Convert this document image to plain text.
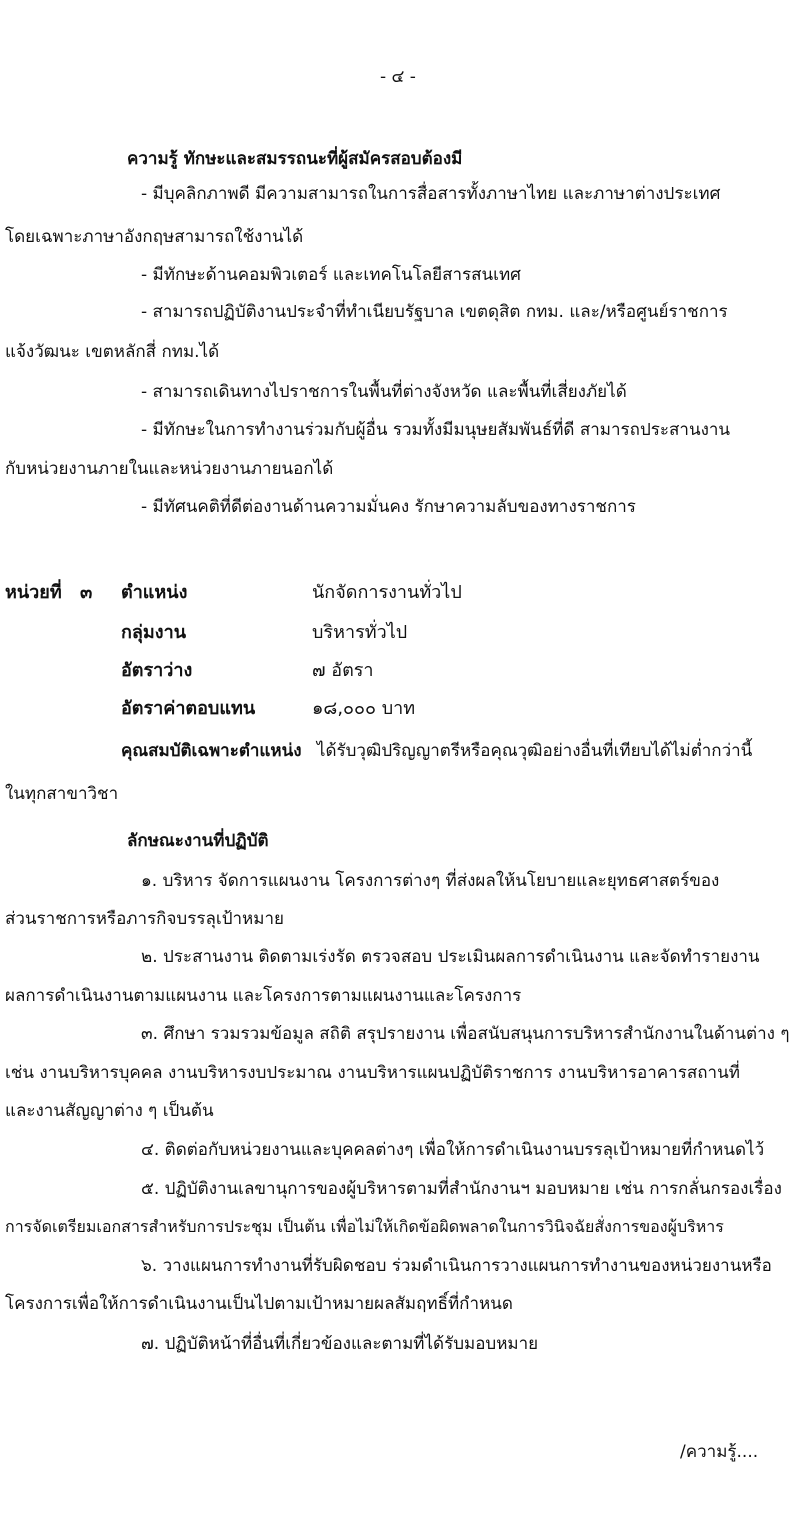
- ๔ -
ความรู้ ทักษะและสมรรถนะที่ผู้สมัครสอบต้องมี
- มีบุคลิกภาพดี มีความสามารถในการสื่อสารทั้งภาษาไทย และภาษาต่างประเทศ
โดยเฉพาะภาษาอังกฤษสามารถใช้งานได้
- มีทักษะด้านคอมพิวเตอร์ และเทคโนโลยีสารสนเทศ
- สามารถปฏิบัติงานประจำที่ทำเนียบรัฐบาล เขตดุสิต กทม. และ/หรือศูนย์ราชการ
แจ้งวัฒนะ เขตหลักสี่ กทม.ได้
- สามารถเดินทางไปราชการในพื้นที่ต่างจังหวัด และพื้นที่เสี่ยงภัยได้
- มีทักษะในการทำงานร่วมกับผู้อื่น รวมทั้งมีมนุษยสัมพันธ์ที่ดี สามารถประสานงาน
กับหน่วยงานภายในและหน่วยงานภายนอกได้
- มีทัศนคติที่ดีต่องานด้านความมั่นคง รักษาความลับของทางราชการ
หน่วยที่ ๓ ตำแหน่ง	นักจัดการงานทั่วไป
กลุ่มงาน	บริหารทั่วไป
อัตราว่าง	๗ อัตรา
อัตราค่าตอบแทน	๑๘,๐๐๐ บาท
คุณสมบัติเฉพาะตำแหน่ง ได้รับวุฒิปริญญาตรีหรือคุณวุฒิอย่างอื่นที่เทียบได้ไม่ต่ำกว่านี้
ในทุกสาขาวิชา
ลักษณะงานที่ปฏิบัติ
๑. บริหาร จัดการแผนงาน โครงการต่างๆ ที่ส่งผลให้นโยบายและยุทธศาสตร์ของ
ส่วนราชการหรือภารกิจบรรลุเป้าหมาย
๒. ประสานงาน ติดตามเร่งรัด ตรวจสอบ ประเมินผลการดำเนินงาน และจัดทำรายงาน
ผลการดำเนินงานตามแผนงาน และโครงการตามแผนงานและโครงการ
๓. ศึกษา รวมรวมข้อมูล สถิติ สรุปรายงาน เพื่อสนับสนุนการบริหารสำนักงานในด้านต่าง ๆ
เช่น งานบริหารบุคคล งานบริหารงบประมาณ งานบริหารแผนปฏิบัติราชการ งานบริหารอาคารสถานที่
และงานสัญญาต่าง ๆ เป็นต้น
๔. ติดต่อกับหน่วยงานและบุคคลต่างๆ เพื่อให้การดำเนินงานบรรลุเป้าหมายที่กำหนดไว้
๕. ปฏิบัติงานเลขานุการของผู้บริหารตามที่สำนักงานฯ มอบหมาย เช่น การกลั่นกรองเรื่อง
การจัดเตรียมเอกสารสำหรับการประชุม เป็นต้น เพื่อไม่ให้เกิดข้อผิดพลาดในการวินิจฉัยสั่งการของผู้บริหาร
๖. วางแผนการทำงานที่รับผิดชอบ ร่วมดำเนินการวางแผนการทำงานของหน่วยงานหรือ
โครงการเพื่อให้การดำเนินงานเป็นไปตามเป้าหมายผลสัมฤทธิ์ที่กำหนด
๗. ปฏิบัติหน้าที่อื่นที่เกี่ยวข้องและตามที่ได้รับมอบหมาย
/ความรู้....
